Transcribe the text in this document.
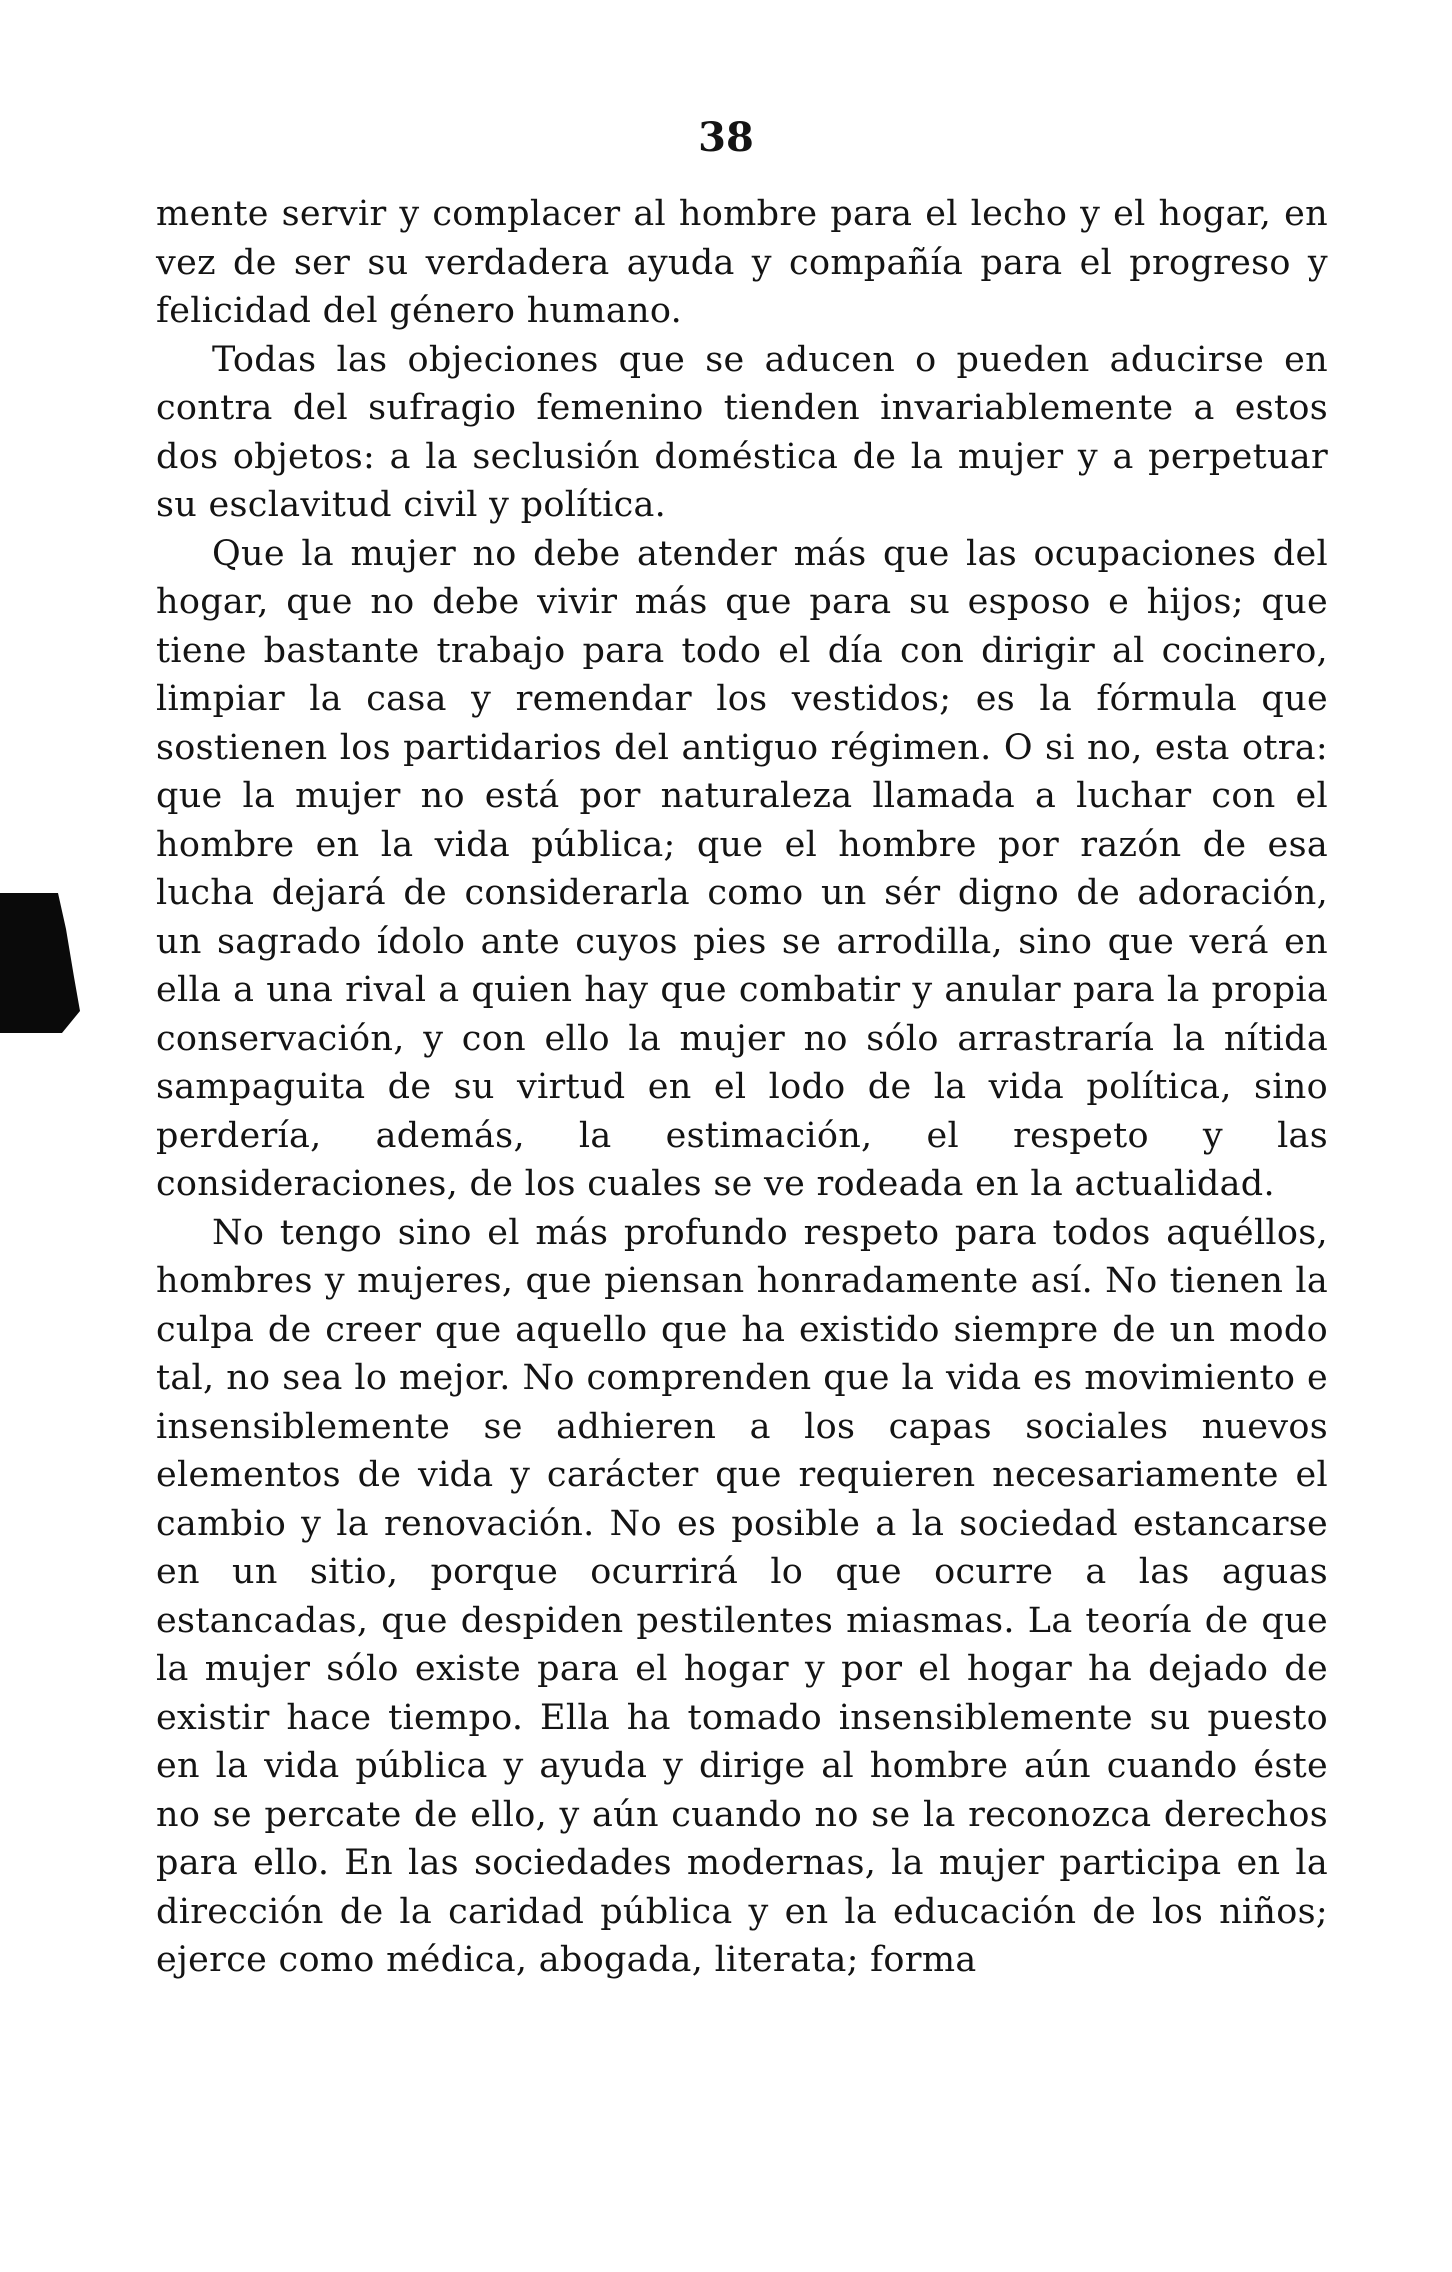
38

mente servir y complacer al hombre para el lecho y el hogar, en vez de ser su verdadera ayuda y compañía para el progreso y felicidad del género humano.

Todas las objeciones que se aducen o pueden aducirse en contra del sufragio femenino tienden invariablemente a estos dos objetos: a la seclusión doméstica de la mujer y a perpetuar su esclavitud civil y política.

Que la mujer no debe atender más que las ocupaciones del hogar, que no debe vivir más que para su esposo e hijos; que tiene bastante trabajo para todo el día con dirigir al cocinero, limpiar la casa y remendar los vestidos; es la fórmula que sostienen los partidarios del antiguo régimen. O si no, esta otra: que la mujer no está por naturaleza llamada a luchar con el hombre en la vida pública; que el hombre por razón de esa lucha dejará de considerarla como un sér digno de adoración, un sagrado ídolo ante cuyos pies se arrodilla, sino que verá en ella a una rival a quien hay que combatir y anular para la propia conservación, y con ello la mujer no sólo arrastraría la nítida sampaguita de su virtud en el lodo de la vida política, sino perdería, además, la estimación, el respeto y las consideraciones, de los cuales se ve rodeada en la actualidad.

No tengo sino el más profundo respeto para todos aquéllos, hombres y mujeres, que piensan honradamente así. No tienen la culpa de creer que aquello que ha existido siempre de un modo tal, no sea lo mejor. No comprenden que la vida es movimiento e insensiblemente se adhieren a los capas sociales nuevos elementos de vida y carácter que requieren necesariamente el cambio y la renovación. No es posible a la sociedad estancarse en un sitio, porque ocurrirá lo que ocurre a las aguas estancadas, que despiden pestilentes miasmas. La teoría de que la mujer sólo existe para el hogar y por el hogar ha dejado de existir hace tiempo. Ella ha tomado insensiblemente su puesto en la vida pública y ayuda y dirige al hombre aún cuando éste no se percate de ello, y aún cuando no se la reconozca derechos para ello. En las sociedades modernas, la mujer participa en la dirección de la caridad pública y en la educación de los niños; ejerce como médica, abogada, literata; forma
